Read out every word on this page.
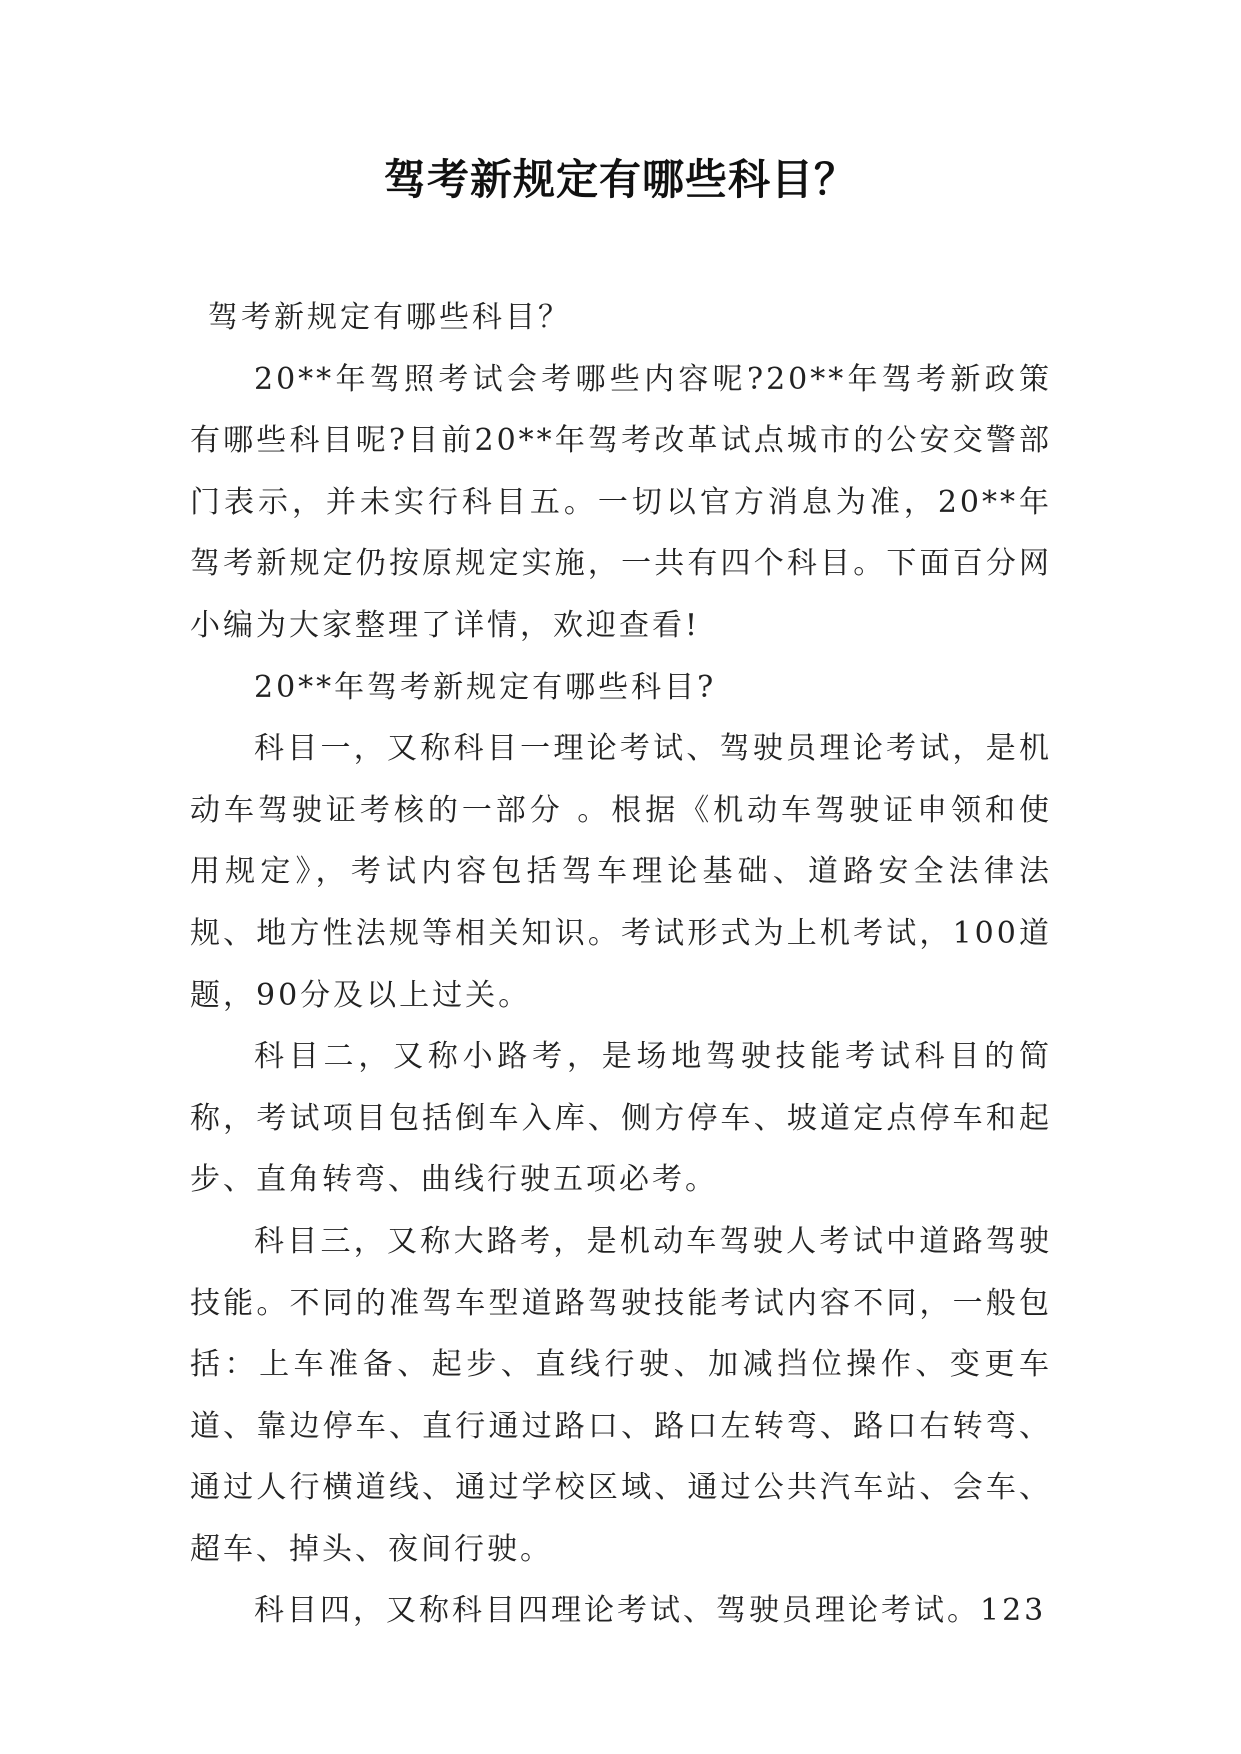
驾考新规定有哪些科目？

驾考新规定有哪些科目？

20**年驾照考试会考哪些内容呢?20**年驾考新政策有哪些科目呢?目前20**年驾考改革试点城市的公安交警部门表示，并未实行科目五。一切以官方消息为准，20**年驾考新规定仍按原规定实施，一共有四个科目。下面百分网小编为大家整理了详情，欢迎查看!

20**年驾考新规定有哪些科目?

科目一，又称科目一理论考试、驾驶员理论考试，是机动车驾驶证考核的一部分 。根据《机动车驾驶证申领和使用规定》，考试内容包括驾车理论基础、道路安全法律法规、地方性法规等相关知识。考试形式为上机考试，100道题，90分及以上过关。

科目二，又称小路考，是场地驾驶技能考试科目的简称，考试项目包括倒车入库、侧方停车、坡道定点停车和起步、直角转弯、曲线行驶五项必考。

科目三，又称大路考，是机动车驾驶人考试中道路驾驶技能。不同的准驾车型道路驾驶技能考试内容不同，一般包括：上车准备、起步、直线行驶、加减挡位操作、变更车道、靠边停车、直行通过路口、路口左转弯、路口右转弯、通过人行横道线、通过学校区域、通过公共汽车站、会车、超车、掉头、夜间行驶。

科目四，又称科目四理论考试、驾驶员理论考试。123
